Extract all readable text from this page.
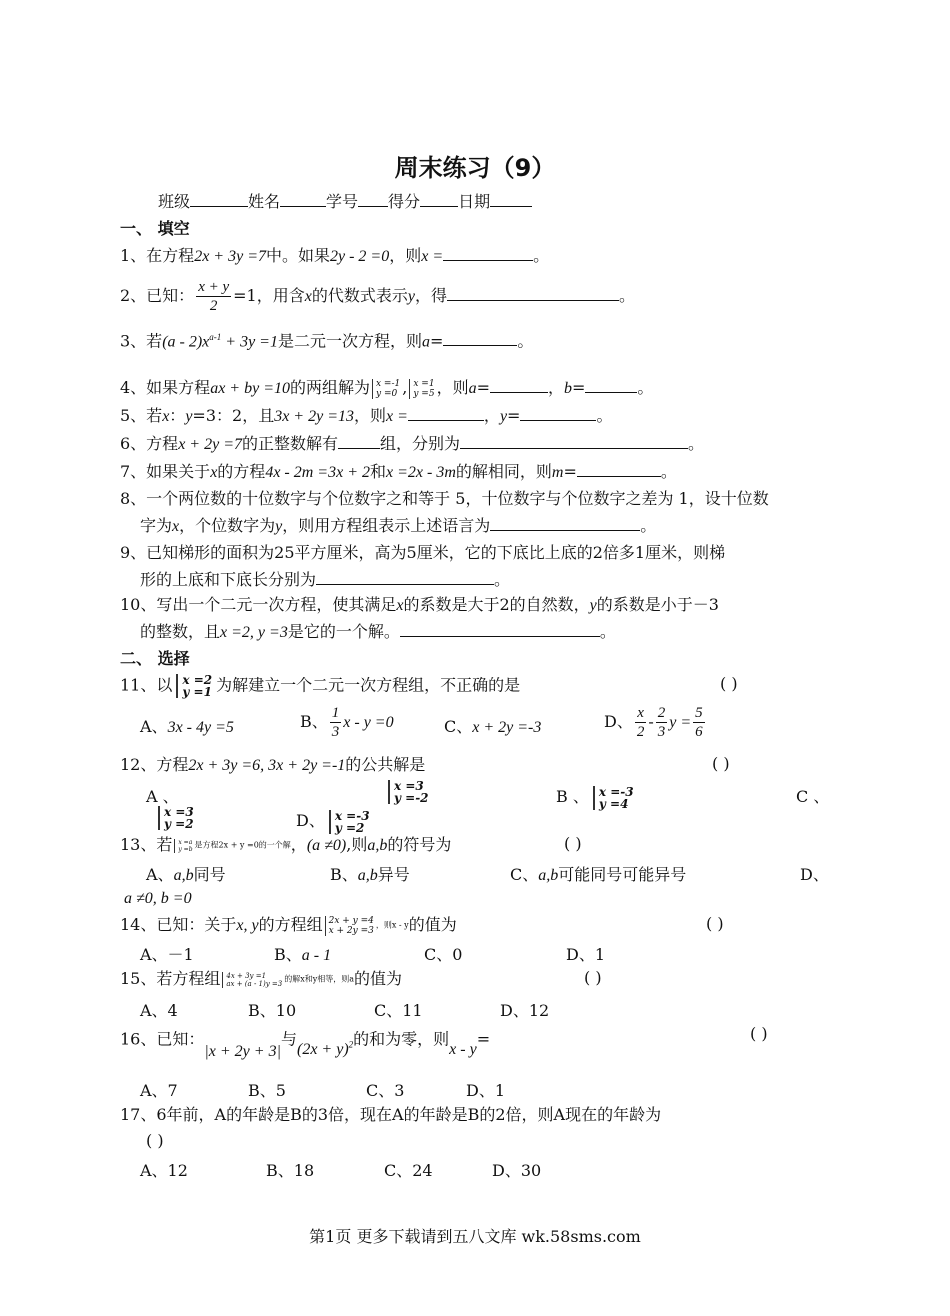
周末练习（9）
班级	姓名	学号 得分 日期
一、 填空
1、在方程2x + 3y =7中。如果2y - 2 =0，则x =	。
2、已知： $\frac{x + y}{2} =1$，用含x的代数式表示y，得	。
3、若$(a - 2)x^{a-1} + 3y =1$是二元一次方程，则a=	。
4、如果方程ax + by =10的两组解为 x =-1
y =0 , x =1
y =5 ，则a=	，b=	。
5、若x：y=3：2，且3x + 2y =13，则x =	，y=	。
6、方程x + 2y =7的正整数解有	组，分别为	。
7、如果关于x的方程4x - 2m =3x + 2和x =2x - 3m的解相同，则m=	。
8、一个两位数的十位数字与个位数字之和等于 5，十位数字与个位数字之差为 1，设十位数
字为x，个位数字为y，则用方程组表示上述语言为	。
9、已知梯形的面积为25平方厘米，高为5厘米，它的下底比上底的2倍多1厘米，则梯
形的上底和下底长分别为	。
10、写出一个二元一次方程，使其满足x的系数是大于2的自然数，y的系数是小于－3
的整数，且x =2, y =3是它的一个解。	。
二、 选择
11、以 x =2
y =1 为解建立一个二元一次方程组，不正确的是	( )
A、3x - 4y =5	B、 $\frac{1}{3}$ x - y =0	C、x + 2y =-3	D、 $\frac{x}{2} - \frac{2}{3}$ $y = \frac{5}{6}$
12、方程2x + 3y =6, 3x + 2y =-1的公共解是	( )
A 、
x =3
y =-2	B 、 x =-3
y =4	C 、
x =3
y =2	D、 x =-3
y =2
13、若 x =a
y =b 是方程2x + y =0的一个解，(a ≠0),则a,b的符号为	( )
A、a,b同号	B、a,b异号	C、a,b可能同号可能异号	D、
a ≠0, b =0
14、已知：关于x, y的方程组 2x + y =4
x + 2y =3
，则x - y的值为	( )
A、－1	B、a - 1	C、0	D、1
15、若方程组 4x + 3y =1
ax + (a - 1)y =3 的解x和y相等，则a的值为	( )
A、4	B、10	C、11	D、12
16、已知：|x + 2y + 3|与$(2x + y)^2$的和为零，则x - y=	( )
A、7	B、5	C、3	D、1
17、6年前，A的年龄是B的3倍，现在A的年龄是B的2倍，则A现在的年龄为
( )
A、12	B、18	C、24	D、30
第1页 更多下载请到五八文库 wk.58sms.com
